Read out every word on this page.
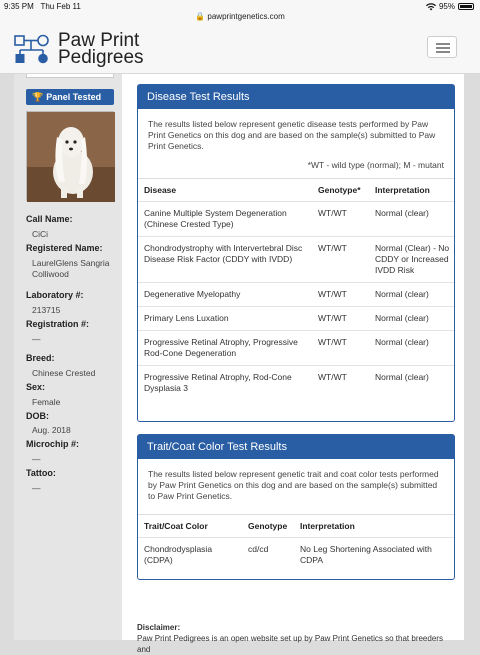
9:35 PM Thu Feb 11	95%
🔒 pawprintgenetics.com
Paw Print
Pedigrees
🏆 Panel Tested
Call Name:
CiCi
Registered Name:
LaurelGlens Sangria Colliwood
Laboratory #:
213715
Registration #:
—
Breed:
Chinese Crested
Sex:
Female
DOB:
Aug. 2018
Microchip #:
—
Tattoo:
—
Disease Test Results
The results listed below represent genetic disease tests performed by Paw Print Genetics on this dog and are based on the sample(s) submitted to Paw Print Genetics.
*WT - wild type (normal); M - mutant
Disease	Genotype*	Interpretation
Canine Multiple System Degeneration (Chinese Crested Type)	WT/WT	Normal (clear)
Chondrodystrophy with Intervertebral Disc Disease Risk Factor (CDDY with IVDD)	WT/WT	Normal (Clear) - No CDDY or Increased IVDD Risk
Degenerative Myelopathy	WT/WT	Normal (clear)
Primary Lens Luxation	WT/WT	Normal (clear)
Progressive Retinal Atrophy, Progressive Rod-Cone Degeneration	WT/WT	Normal (clear)
Progressive Retinal Atrophy, Rod-Cone Dysplasia 3	WT/WT	Normal (clear)
Trait/Coat Color Test Results
The results listed below represent genetic trait and coat color tests performed by Paw Print Genetics on this dog and are based on the sample(s) submitted to Paw Print Genetics.
Trait/Coat Color	Genotype	Interpretation
Chondrodysplasia (CDPA)	cd/cd	No Leg Shortening Associated with CDPA
Disclaimer:
Paw Print Pedigrees is an open website set up by Paw Print Genetics so that breeders and
